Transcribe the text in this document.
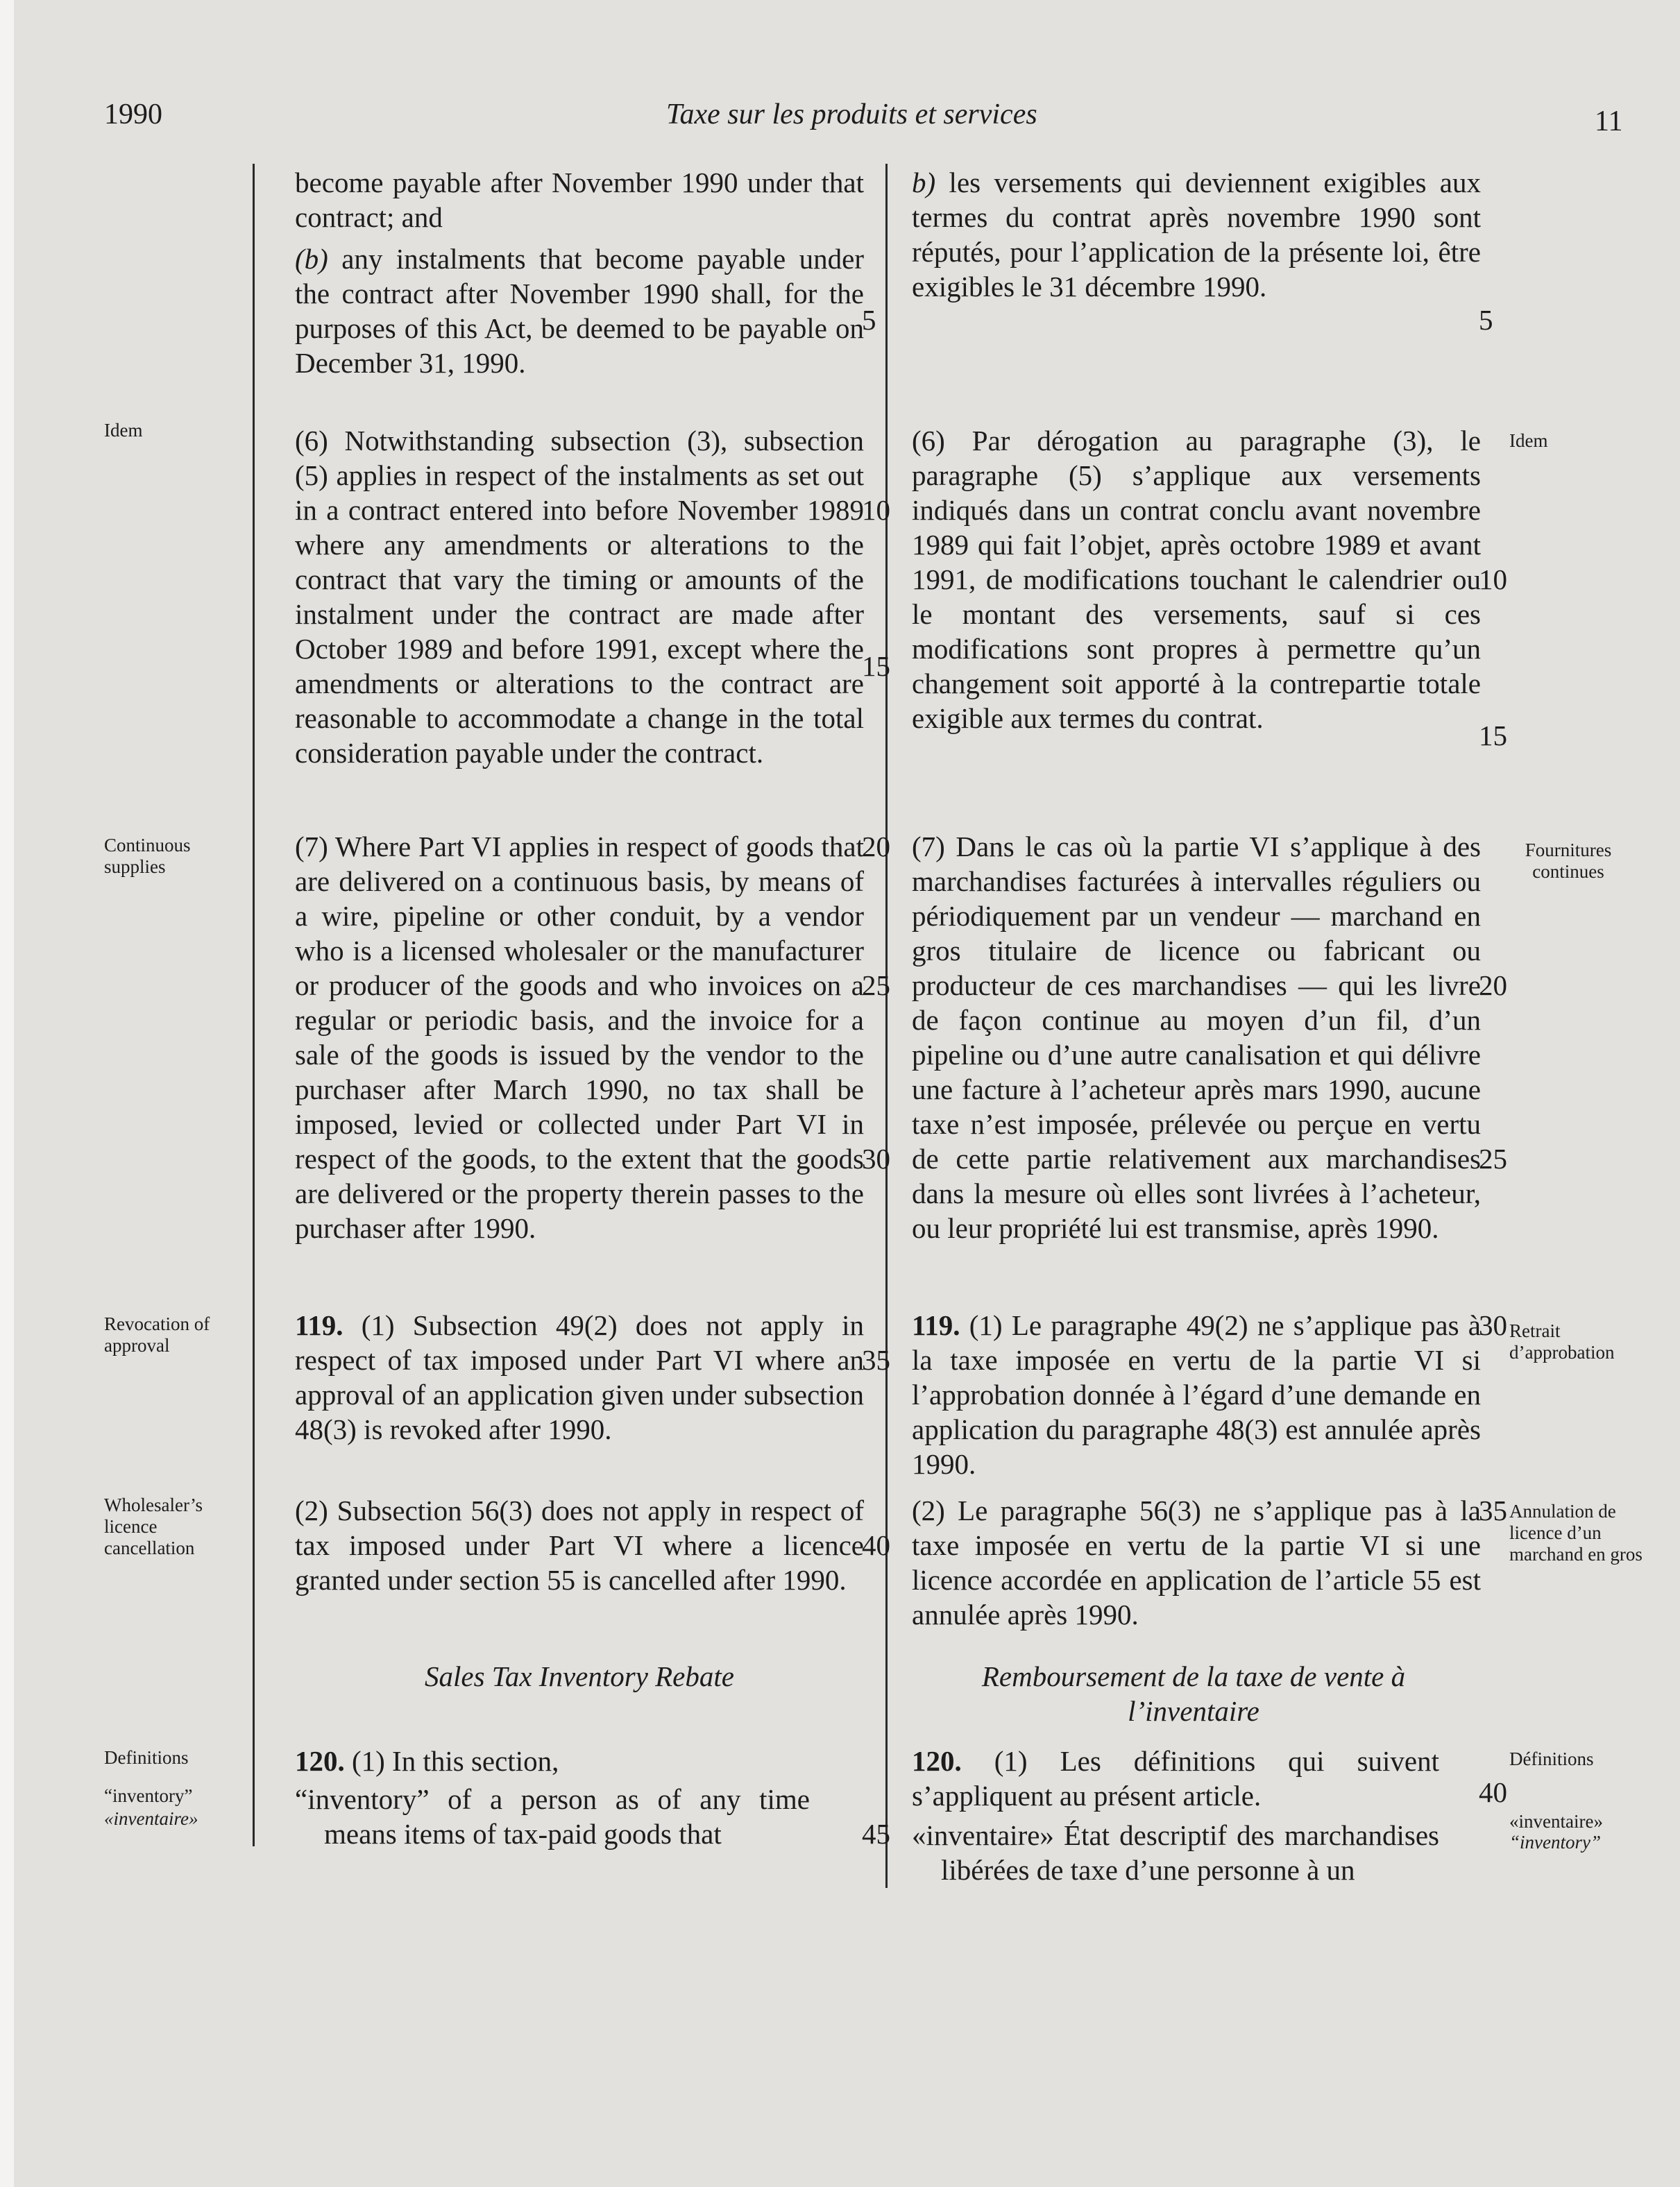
1990	Taxe sur les produits et services	11
Idem
Continuous supplies
Revocation of approval
Wholesaler’s licence cancellation
Definitions
“inventory”
«inventaire»
Idem
Fournitures continues
Retrait d’approbation
Annulation de licence d’un marchand en gros
Définitions
«inventaire»
“inventory”
become payable after November 1990 under that contract; and
(b) any instalments that become payable under the contract after November 1990 shall, for the purposes of this Act, be deemed to be payable on December 31, 1990.
(6) Notwithstanding subsection (3), subsection (5) applies in respect of the instalments as set out in a contract entered into before November 1989 where any amendments or alterations to the contract that vary the timing or amounts of the instalment under the contract are made after October 1989 and before 1991, except where the amendments or alterations to the contract are reasonable to accommodate a change in the total consideration payable under the contract.
(7) Where Part VI applies in respect of goods that are delivered on a continuous basis, by means of a wire, pipeline or other conduit, by a vendor who is a licensed wholesaler or the manufacturer or producer of the goods and who invoices on a regular or periodic basis, and the invoice for a sale of the goods is issued by the vendor to the purchaser after March 1990, no tax shall be imposed, levied or collected under Part VI in respect of the goods, to the extent that the goods are delivered or the property therein passes to the purchaser after 1990.
119. (1) Subsection 49(2) does not apply in respect of tax imposed under Part VI where an approval of an application given under subsection 48(3) is revoked after 1990.
(2) Subsection 56(3) does not apply in respect of tax imposed under Part VI where a licence granted under section 55 is cancelled after 1990.
Sales Tax Inventory Rebate
120. (1) In this section,
“inventory” of a person as of any time means items of tax-paid goods that
b) les versements qui deviennent exigibles aux termes du contrat après novembre 1990 sont réputés, pour l’application de la présente loi, être exigibles le 31 décembre 1990.
(6) Par dérogation au paragraphe (3), le paragraphe (5) s’applique aux versements indiqués dans un contrat conclu avant novembre 1989 qui fait l’objet, après octobre 1989 et avant 1991, de modifications touchant le calendrier ou le montant des versements, sauf si ces modifications sont propres à permettre qu’un changement soit apporté à la contrepartie totale exigible aux termes du contrat.
(7) Dans le cas où la partie VI s’applique à des marchandises facturées à intervalles réguliers ou périodiquement par un vendeur — marchand en gros titulaire de licence ou fabricant ou producteur de ces marchandises — qui les livre de façon continue au moyen d’un fil, d’un pipeline ou d’une autre canalisation et qui délivre une facture à l’acheteur après mars 1990, aucune taxe n’est imposée, prélevée ou perçue en vertu de cette partie relativement aux marchandises dans la mesure où elles sont livrées à l’acheteur, ou leur propriété lui est transmise, après 1990.
119. (1) Le paragraphe 49(2) ne s’applique pas à la taxe imposée en vertu de la partie VI si l’approbation donnée à l’égard d’une demande en application du paragraphe 48(3) est annulée après 1990.
(2) Le paragraphe 56(3) ne s’applique pas à la taxe imposée en vertu de la partie VI si une licence accordée en application de l’article 55 est annulée après 1990.
Remboursement de la taxe de vente à l’inventaire
120. (1) Les définitions qui suivent s’appliquent au présent article.
«inventaire» État descriptif des marchandises libérées de taxe d’une personne à un
5
10
15
20
25
30
35
40
45
5
10
15
20
25
30
35
40
